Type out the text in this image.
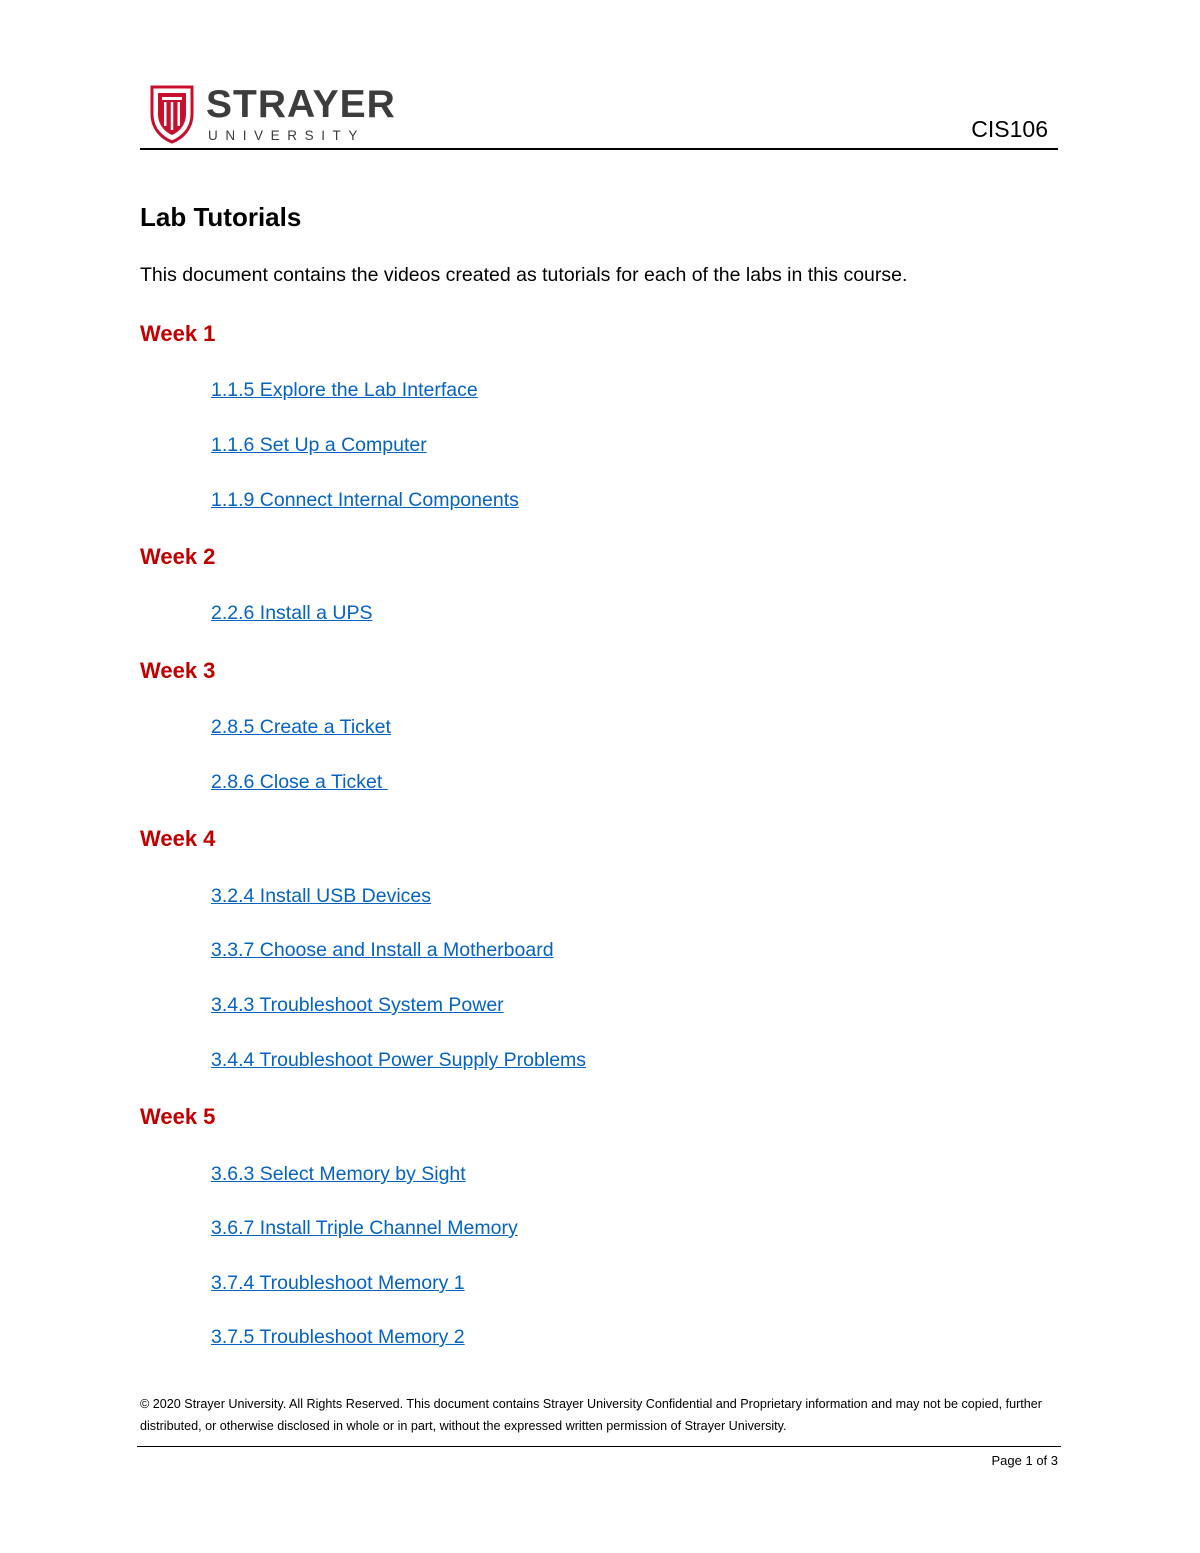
STRAYER
UNIVERSITY	CIS106
Lab Tutorials
This document contains the videos created as tutorials for each of the labs in this course.
Week 1
1.1.5 Explore the Lab Interface
1.1.6 Set Up a Computer
1.1.9 Connect Internal Components
Week 2
2.2.6 Install a UPS
Week 3
2.8.5 Create a Ticket
2.8.6 Close a Ticket
Week 4
3.2.4 Install USB Devices
3.3.7 Choose and Install a Motherboard
3.4.3 Troubleshoot System Power
3.4.4 Troubleshoot Power Supply Problems
Week 5
3.6.3 Select Memory by Sight
3.6.7 Install Triple Channel Memory
3.7.4 Troubleshoot Memory 1
3.7.5 Troubleshoot Memory 2
© 2020 Strayer University. All Rights Reserved. This document contains Strayer University Confidential and Proprietary information and may not be copied, further distributed, or otherwise disclosed in whole or in part, without the expressed written permission of Strayer University.
Page 1 of 3
